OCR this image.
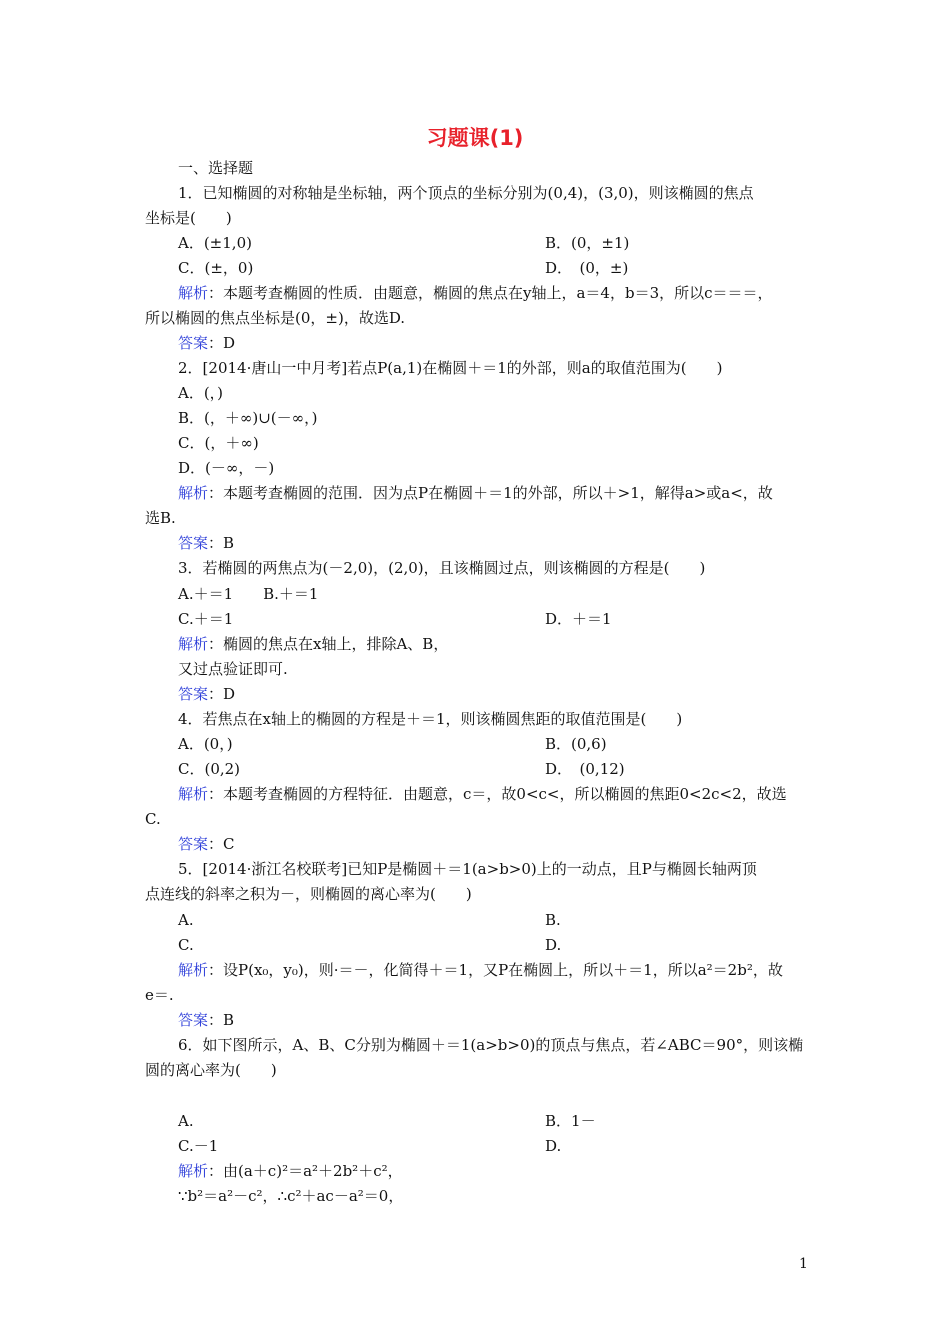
习题课(1)
一、选择题
1．已知椭圆的对称轴是坐标轴，两个顶点的坐标分别为(0,4)，(3,0)，则该椭圆的焦点
坐标是(　　)
A．(±1,0)	B．(0，±1)
C．(±，0)	D．　(0，±)
解析：本题考查椭圆的性质．由题意，椭圆的焦点在y轴上，a＝4，b＝3，所以c＝＝＝，
所以椭圆的焦点坐标是(0，±)，故选D.
答案：D
2．[2014·唐山一中月考]若点P(a,1)在椭圆＋＝1的外部，则a的取值范围为(　　)
A．(，)
B．(，＋∞)∪(－∞，)
C．(，＋∞)
D．(－∞，－)
解析：本题考查椭圆的范围．因为点P在椭圆＋＝1的外部，所以＋>1，解得a>或a<，故
选B.
答案：B
3．若椭圆的两焦点为(－2,0)，(2,0)，且该椭圆过点，则该椭圆的方程是(　　)
A.＋＝1　　B.＋＝1
C.＋＝1	D．＋＝1
解析：椭圆的焦点在x轴上，排除A、B，
又过点验证即可.
答案：D
4．若焦点在x轴上的椭圆的方程是＋＝1，则该椭圆焦距的取值范围是(　　)
A．(0，)	B．(0,6)
C．(0,2)	D．　(0,12)
解析：本题考查椭圆的方程特征．由题意，c＝，故0<c<，所以椭圆的焦距0<2c<2，故选
C.
答案：C
5．[2014·浙江名校联考]已知P是椭圆＋＝1(a>b>0)上的一动点，且P与椭圆长轴两顶
点连线的斜率之积为－，则椭圆的离心率为(　　)
A.	B.
C.	D.
解析：设P(x₀，y₀)，则·＝－，化简得＋＝1，又P在椭圆上，所以＋＝1，所以a²＝2b²，故
e＝.
答案：B
6．如下图所示，A、B、C分别为椭圆＋＝1(a>b>0)的顶点与焦点，若∠ABC＝90°，则该椭
圆的离心率为(　　)
A.	B．1－
C.－1	D.
解析：由(a＋c)²＝a²＋2b²＋c²，
∵b²＝a²－c²，∴c²＋ac－a²＝0，
1
